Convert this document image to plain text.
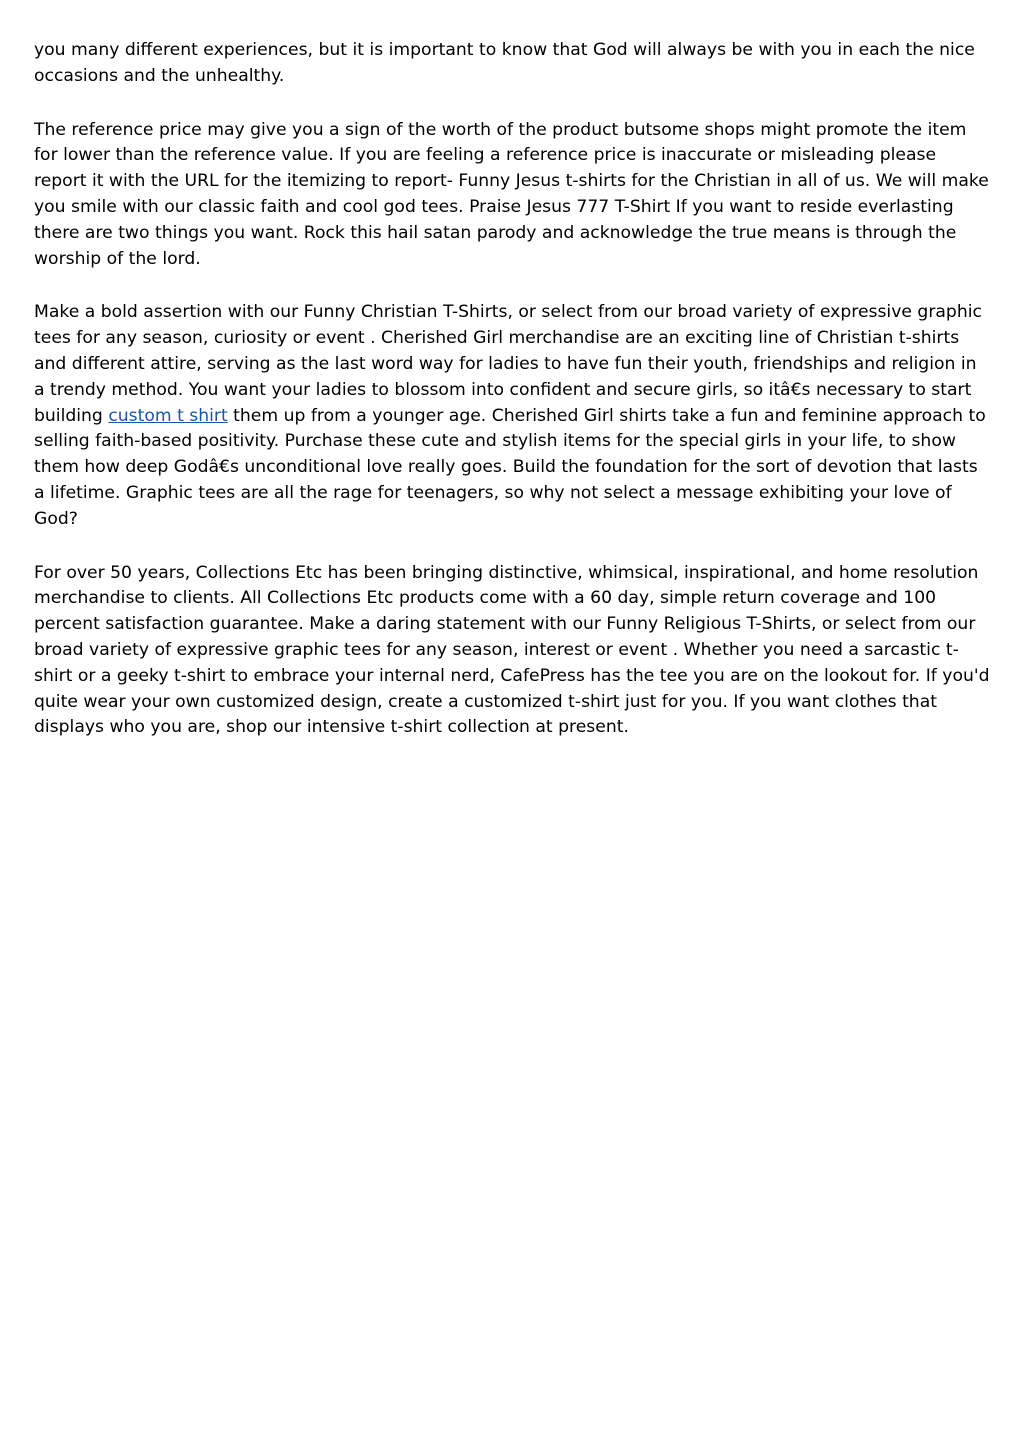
you many different experiences, but it is important to know that God will always be with you in each the nice occasions and the unhealthy.

The reference price may give you a sign of the worth of the product butsome shops might promote the item for lower than the reference value. If you are feeling a reference price is inaccurate or misleading please report it with the URL for the itemizing to report- Funny Jesus t-shirts for the Christian in all of us. We will make you smile with our classic faith and cool god tees. Praise Jesus 777 T-Shirt If you want to reside everlasting there are two things you want. Rock this hail satan parody and acknowledge the true means is through the worship of the lord.

Make a bold assertion with our Funny Christian T-Shirts, or select from our broad variety of expressive graphic tees for any season, curiosity or event . Cherished Girl merchandise are an exciting line of Christian t-shirts and different attire, serving as the last word way for ladies to have fun their youth, friendships and religion in a trendy method. You want your ladies to blossom into confident and secure girls, so itâ€s necessary to start building custom t shirt them up from a younger age. Cherished Girl shirts take a fun and feminine approach to selling faith-based positivity. Purchase these cute and stylish items for the special girls in your life, to show them how deep Godâ€s unconditional love really goes. Build the foundation for the sort of devotion that lasts a lifetime. Graphic tees are all the rage for teenagers, so why not select a message exhibiting your love of God?

For over 50 years, Collections Etc has been bringing distinctive, whimsical, inspirational, and home resolution merchandise to clients. All Collections Etc products come with a 60 day, simple return coverage and 100 percent satisfaction guarantee. Make a daring statement with our Funny Religious T-Shirts, or select from our broad variety of expressive graphic tees for any season, interest or event . Whether you need a sarcastic t-shirt or a geeky t-shirt to embrace your internal nerd, CafePress has the tee you are on the lookout for. If you'd quite wear your own customized design, create a customized t-shirt just for you. If you want clothes that displays who you are, shop our intensive t-shirt collection at present.
